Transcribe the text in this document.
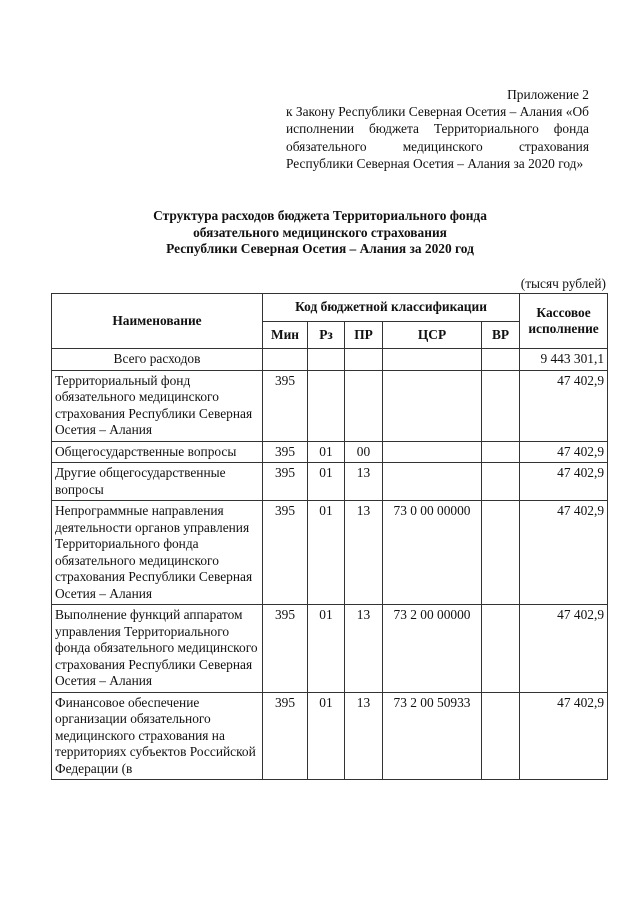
Приложение 2
к Закону Республики Северная Осетия – Алания «Об исполнении бюджета Территориального фонда обязательного медицинского страхования Республики Северная Осетия – Алания за 2020 год»
Структура расходов бюджета Территориального фонда
обязательного медицинского страхования
Республики Северная Осетия – Алания за 2020 год
(тысяч рублей)
Наименование	Код бюджетной классификации					Кассовое исполнение
	Мин	Рз	ПР	ЦСР	ВР	
Всего расходов						9 443 301,1
Территориальный фонд обязательного медицинского страхования Республики Северная Осетия – Алания	395					47 402,9
Общегосударственные вопросы	395	01	00			47 402,9
Другие общегосударственные вопросы	395	01	13			47 402,9
Непрограммные направления деятельности органов управления Территориального фонда обязательного медицинского страхования Республики Северная Осетия – Алания	395	01	13	73 0 00 00000		47 402,9
Выполнение функций аппаратом управления Территориального фонда обязательного медицинского страхования Республики Северная Осетия – Алания	395	01	13	73 2 00 00000		47 402,9
Финансовое обеспечение организации обязательного медицинского страхования на территориях субъектов Российской Федерации (в	395	01	13	73 2 00 50933		47 402,9
